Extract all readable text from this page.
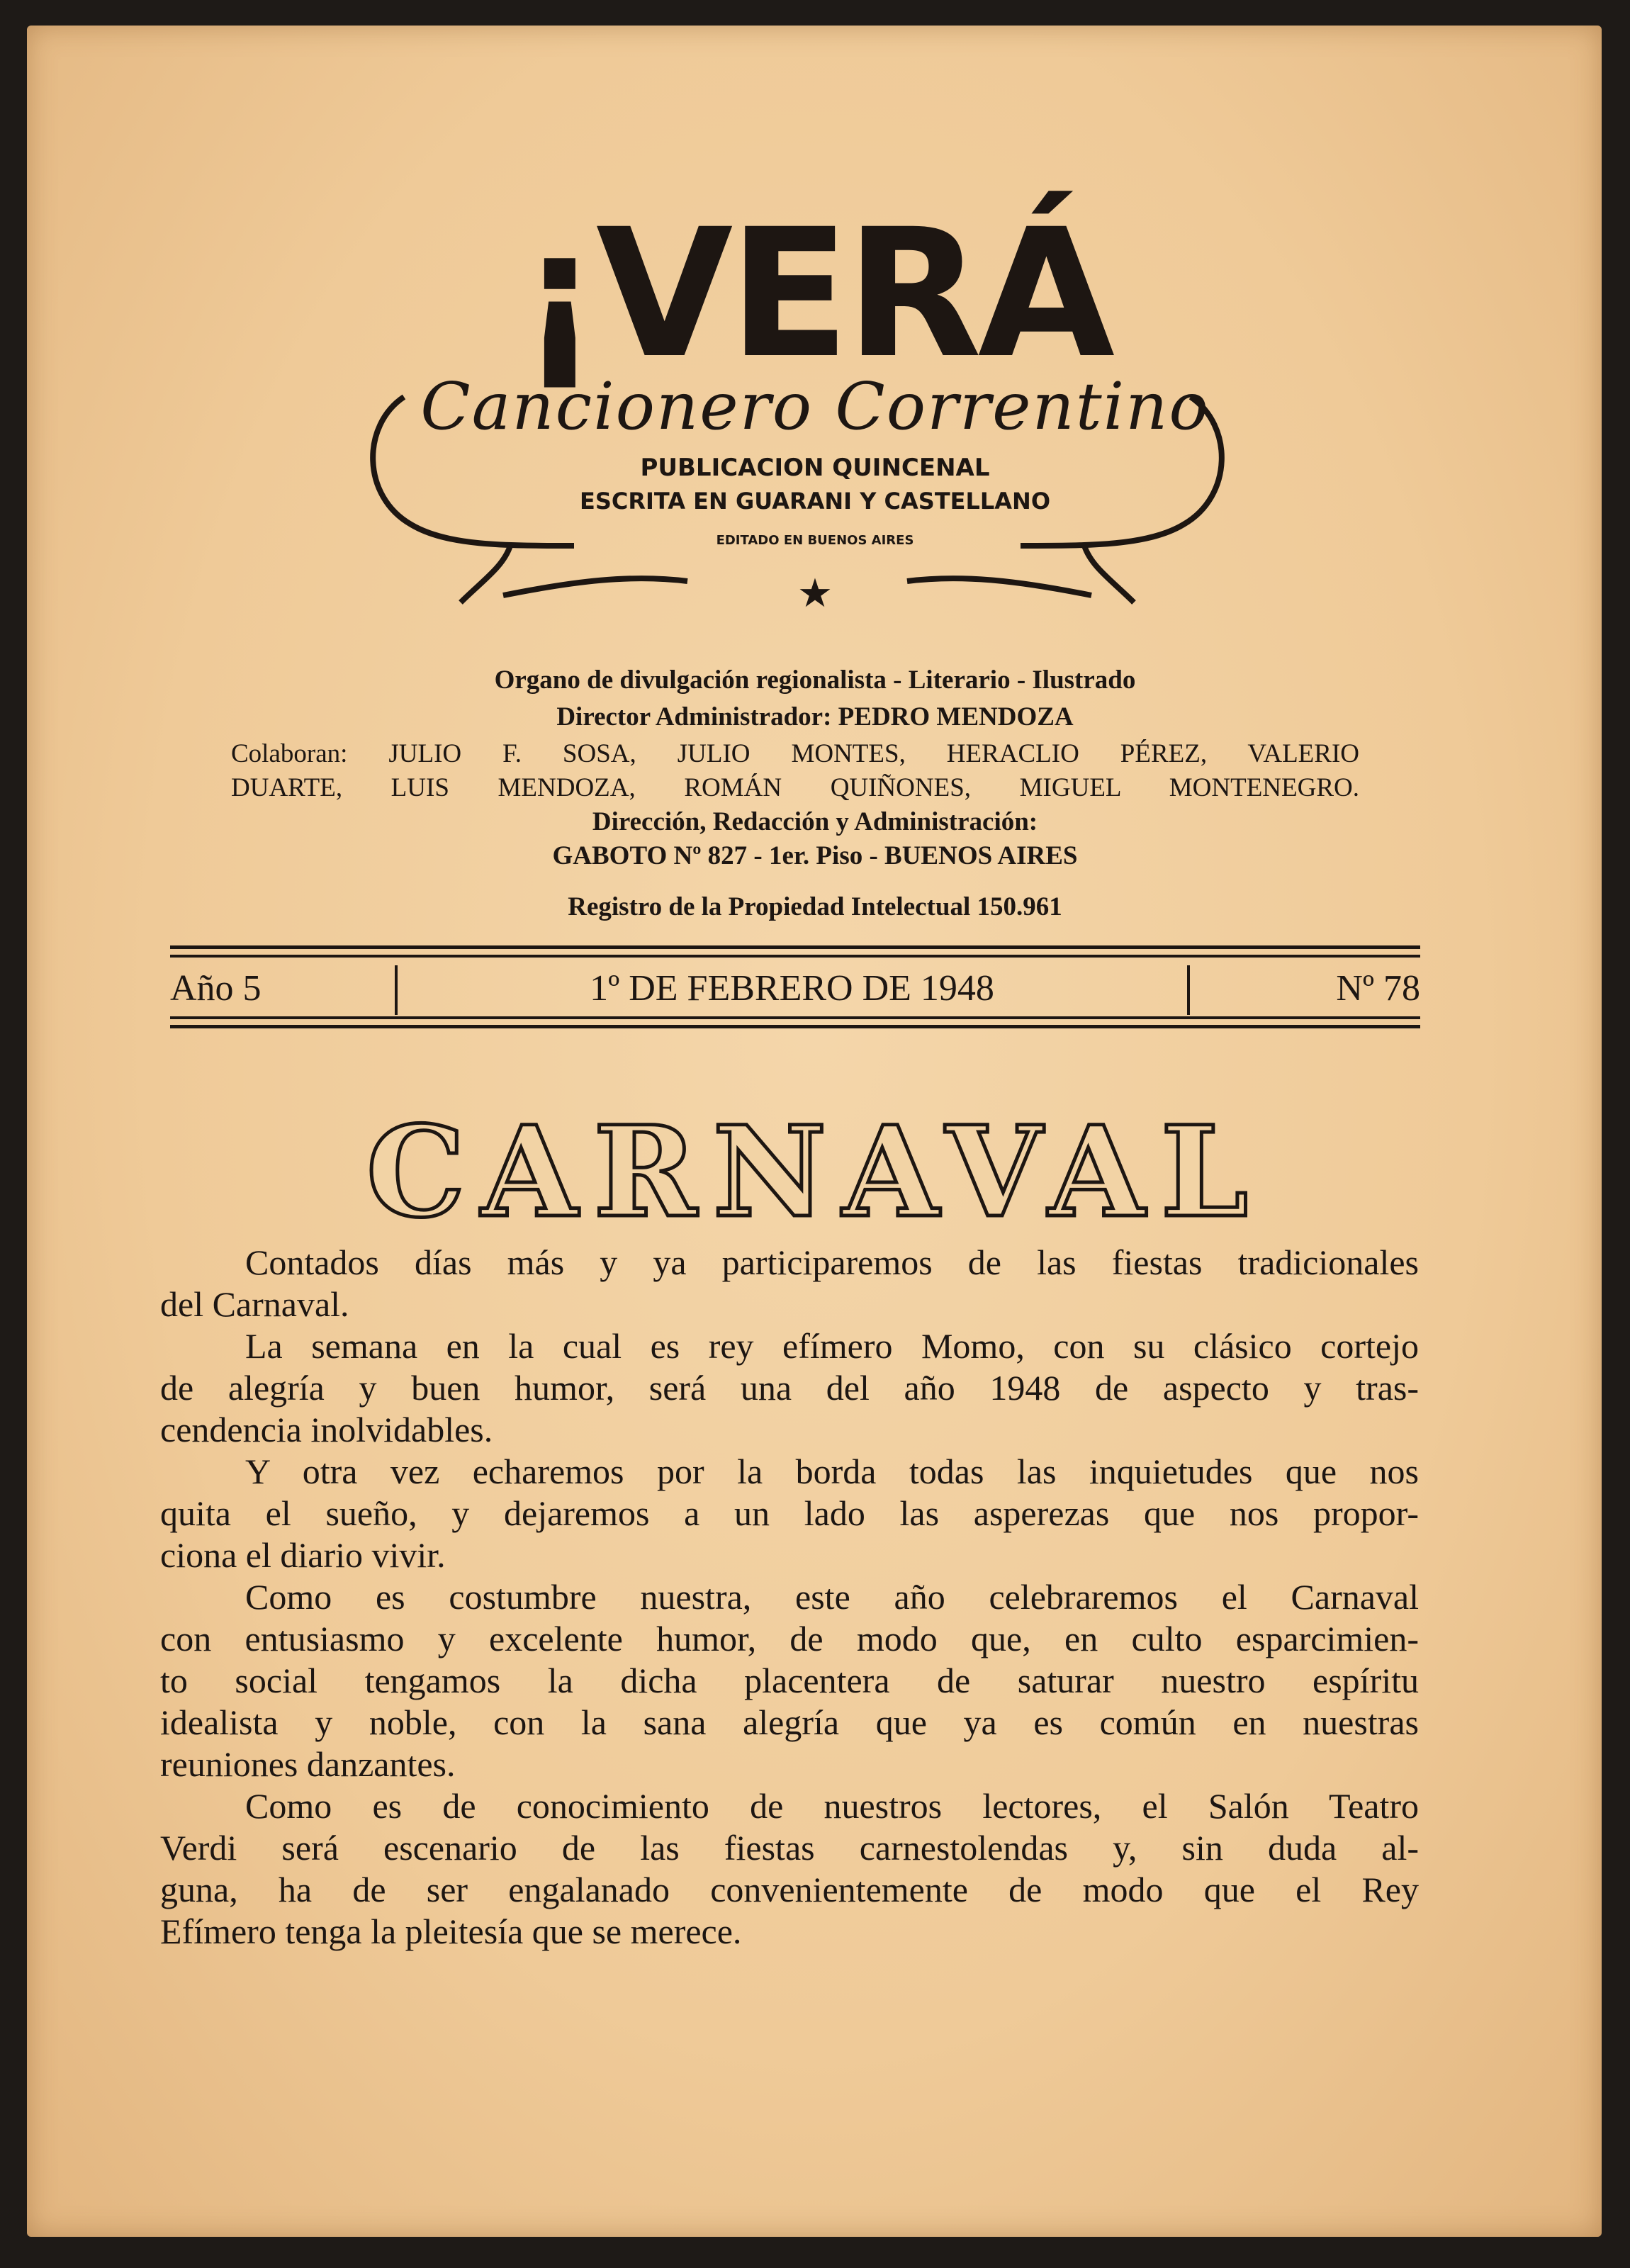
¡VERÁ
Cancionero Correntino
PUBLICACION QUINCENAL
ESCRITA EN GUARANI Y CASTELLANO
EDITADO EN BUENOS AIRES
★
Organo de divulgación regionalista - Literario - Ilustrado
Director Administrador: PEDRO MENDOZA
Colaboran: JULIO F. SOSA, JULIO MONTES, HERACLIO PÉREZ, VALERIO
DUARTE, LUIS MENDOZA, ROMÁN QUIÑONES, MIGUEL MONTENEGRO.
Dirección, Redacción y Administración:
GABOTO Nº 827 - 1er. Piso - BUENOS AIRES
Registro de la Propiedad Intelectual 150.961
Año 5	1º DE FEBRERO DE 1948	Nº 78
CARNAVAL
Contados días más y ya participaremos de las fiestas tradicionales
del Carnaval.
La semana en la cual es rey efímero Momo, con su clásico cortejo
de alegría y buen humor, será una del año 1948 de aspecto y tras-
cendencia inolvidables.
Y otra vez echaremos por la borda todas las inquietudes que nos
quita el sueño, y dejaremos a un lado las asperezas que nos propor-
ciona el diario vivir.
Como es costumbre nuestra, este año celebraremos el Carnaval
con entusiasmo y excelente humor, de modo que, en culto esparcimien-
to social tengamos la dicha placentera de saturar nuestro espíritu
idealista y noble, con la sana alegría que ya es común en nuestras
reuniones danzantes.
Como es de conocimiento de nuestros lectores, el Salón Teatro
Verdi será escenario de las fiestas carnestolendas y, sin duda al-
guna, ha de ser engalanado convenientemente de modo que el Rey
Efímero tenga la pleitesía que se merece.
